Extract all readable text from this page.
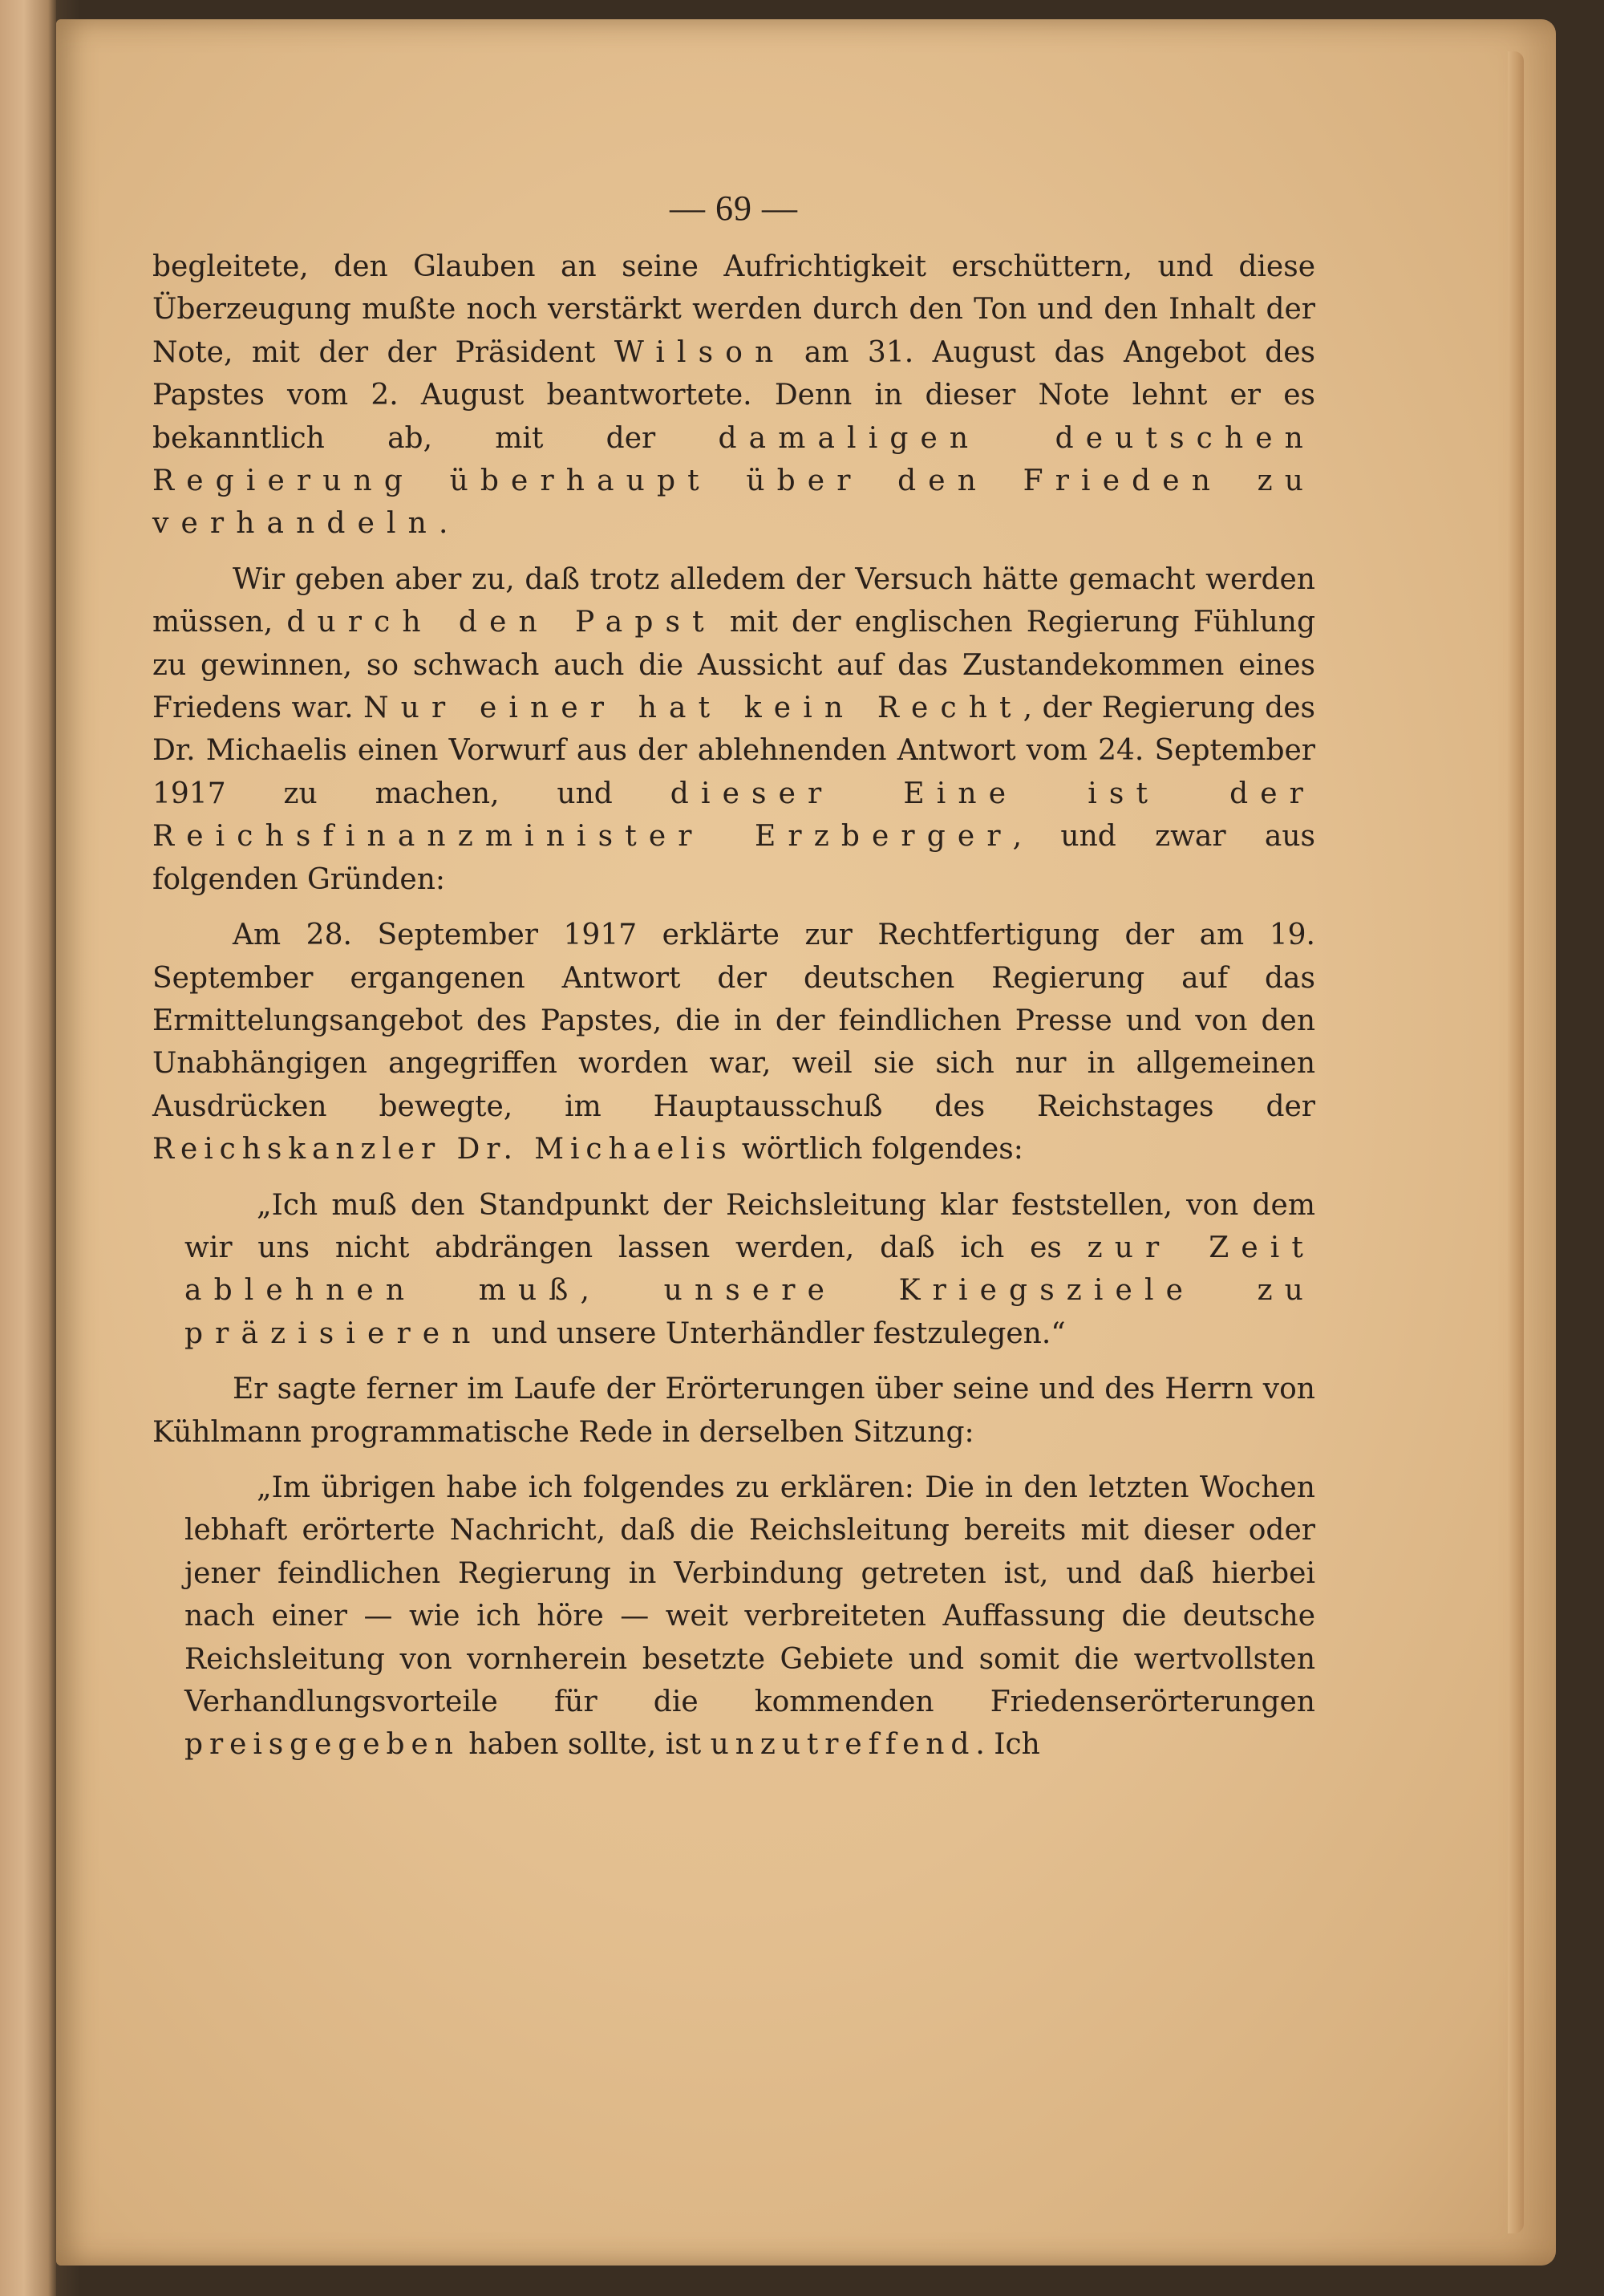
— 69 —

begleitete, den Glauben an seine Aufrichtigkeit erschüttern, und diese Überzeugung mußte noch verstärkt werden durch den Ton und den Inhalt der Note, mit der der Präsident Wilson am 31. August das Angebot des Papstes vom 2. August beantwortete. Denn in dieser Note lehnt er es bekanntlich ab, mit der damaligen deutschen Regierung überhaupt über den Frieden zu verhandeln.

Wir geben aber zu, daß trotz alledem der Versuch hätte gemacht werden müssen, durch den Papst mit der englischen Regierung Fühlung zu gewinnen, so schwach auch die Aussicht auf das Zustandekommen eines Friedens war. Nur einer hat kein Recht, der Regierung des Dr. Michaelis einen Vorwurf aus der ablehnenden Antwort vom 24. September 1917 zu machen, und dieser Eine ist der Reichsfinanzminister Erzberger, und zwar aus folgenden Gründen:

Am 28. September 1917 erklärte zur Rechtfertigung der am 19. September ergangenen Antwort der deutschen Regierung auf das Ermittelungsangebot des Papstes, die in der feindlichen Presse und von den Unabhängigen angegriffen worden war, weil sie sich nur in allgemeinen Ausdrücken bewegte, im Hauptausschuß des Reichstages der Reichskanzler Dr. Michaelis wörtlich folgendes:

„Ich muß den Standpunkt der Reichsleitung klar feststellen, von dem wir uns nicht abdrängen lassen werden, daß ich es zur Zeit ablehnen muß, unsere Kriegsziele zu präzisieren und unsere Unterhändler festzulegen.“

Er sagte ferner im Laufe der Erörterungen über seine und des Herrn von Kühlmann programmatische Rede in derselben Sitzung:

„Im übrigen habe ich folgendes zu erklären: Die in den letzten Wochen lebhaft erörterte Nachricht, daß die Reichsleitung bereits mit dieser oder jener feindlichen Regierung in Verbindung getreten ist, und daß hierbei nach einer — wie ich höre — weit verbreiteten Auffassung die deutsche Reichsleitung von vornherein besetzte Gebiete und somit die wertvollsten Verhandlungsvorteile für die kommenden Friedenserörterungen preisgegeben haben sollte, ist unzutreffend. Ich
